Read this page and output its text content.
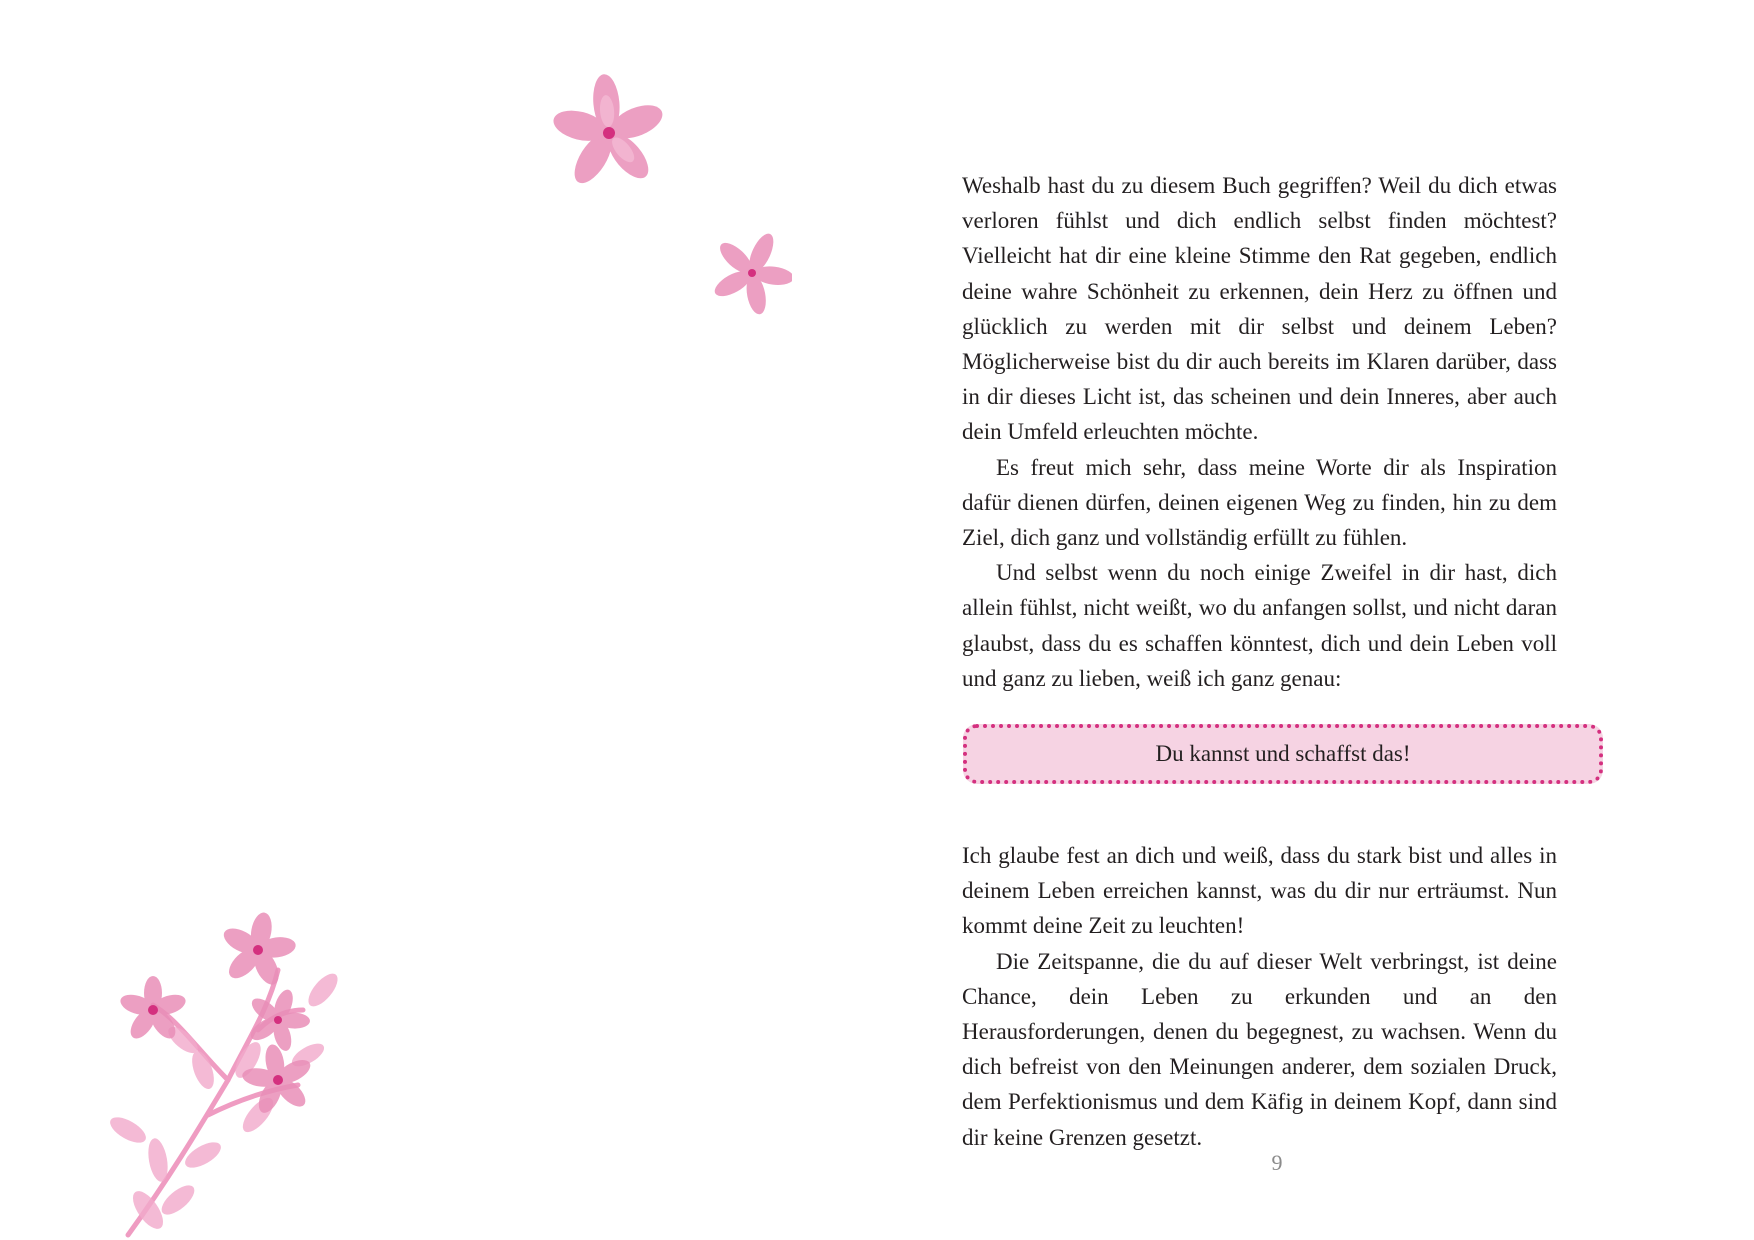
Weshalb hast du zu diesem Buch gegriffen? Weil du dich etwas verloren fühlst und dich endlich selbst finden möchtest? Vielleicht hat dir eine kleine Stimme den Rat gegeben, endlich deine wahre Schönheit zu erkennen, dein Herz zu öffnen und glücklich zu werden mit dir selbst und deinem Leben? Möglicherweise bist du dir auch bereits im Klaren darüber, dass in dir dieses Licht ist, das scheinen und dein Inneres, aber auch dein Umfeld erleuchten möchte.

Es freut mich sehr, dass meine Worte dir als Inspiration dafür dienen dürfen, deinen eigenen Weg zu finden, hin zu dem Ziel, dich ganz und vollständig erfüllt zu fühlen.

Und selbst wenn du noch einige Zweifel in dir hast, dich allein fühlst, nicht weißt, wo du anfangen sollst, und nicht daran glaubst, dass du es schaffen könntest, dich und dein Leben voll und ganz zu lieben, weiß ich ganz genau:

Du kannst und schaffst das!

Ich glaube fest an dich und weiß, dass du stark bist und alles in deinem Leben erreichen kannst, was du dir nur erträumst. Nun kommt deine Zeit zu leuchten!

Die Zeitspanne, die du auf dieser Welt verbringst, ist deine Chance, dein Leben zu erkunden und an den Herausforderungen, denen du begegnest, zu wachsen. Wenn du dich befreist von den Meinungen anderer, dem sozialen Druck, dem Perfektionismus und dem Käfig in deinem Kopf, dann sind dir keine Grenzen gesetzt.

9
